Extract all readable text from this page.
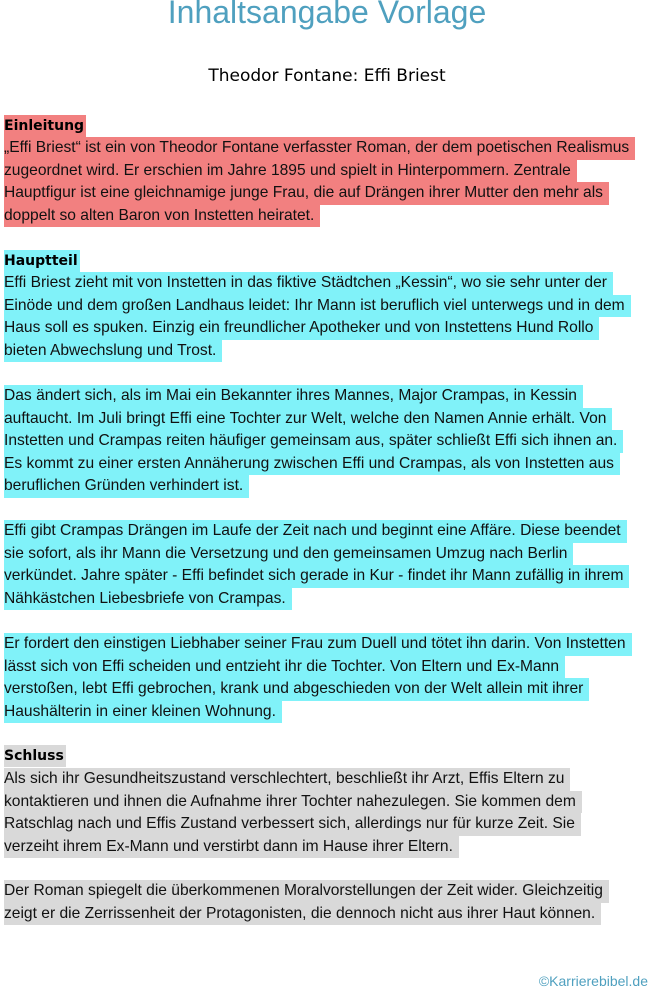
Inhaltsangabe Vorlage
Theodor Fontane: Effi Briest
Einleitung
„Effi Briest“ ist ein von Theodor Fontane verfasster Roman, der dem poetischen Realismus
zugeordnet wird. Er erschien im Jahre 1895 und spielt in Hinterpommern. Zentrale
Hauptfigur ist eine gleichnamige junge Frau, die auf Drängen ihrer Mutter den mehr als
doppelt so alten Baron von Instetten heiratet.
Hauptteil
Effi Briest zieht mit von Instetten in das fiktive Städtchen „Kessin“, wo sie sehr unter der
Einöde und dem großen Landhaus leidet: Ihr Mann ist beruflich viel unterwegs und in dem
Haus soll es spuken. Einzig ein freundlicher Apotheker und von Instettens Hund Rollo
bieten Abwechslung und Trost.
Das ändert sich, als im Mai ein Bekannter ihres Mannes, Major Crampas, in Kessin
auftaucht. Im Juli bringt Effi eine Tochter zur Welt, welche den Namen Annie erhält. Von
Instetten und Crampas reiten häufiger gemeinsam aus, später schließt Effi sich ihnen an.
Es kommt zu einer ersten Annäherung zwischen Effi und Crampas, als von Instetten aus
beruflichen Gründen verhindert ist.
Effi gibt Crampas Drängen im Laufe der Zeit nach und beginnt eine Affäre. Diese beendet
sie sofort, als ihr Mann die Versetzung und den gemeinsamen Umzug nach Berlin
verkündet. Jahre später - Effi befindet sich gerade in Kur - findet ihr Mann zufällig in ihrem
Nähkästchen Liebesbriefe von Crampas.
Er fordert den einstigen Liebhaber seiner Frau zum Duell und tötet ihn darin. Von Instetten
lässt sich von Effi scheiden und entzieht ihr die Tochter. Von Eltern und Ex-Mann
verstoßen, lebt Effi gebrochen, krank und abgeschieden von der Welt allein mit ihrer
Haushälterin in einer kleinen Wohnung.
Schluss
Als sich ihr Gesundheitszustand verschlechtert, beschließt ihr Arzt, Effis Eltern zu
kontaktieren und ihnen die Aufnahme ihrer Tochter nahezulegen. Sie kommen dem
Ratschlag nach und Effis Zustand verbessert sich, allerdings nur für kurze Zeit. Sie
verzeiht ihrem Ex-Mann und verstirbt dann im Hause ihrer Eltern.
Der Roman spiegelt die überkommenen Moralvorstellungen der Zeit wider. Gleichzeitig
zeigt er die Zerrissenheit der Protagonisten, die dennoch nicht aus ihrer Haut können.
©Karrierebibel.de
